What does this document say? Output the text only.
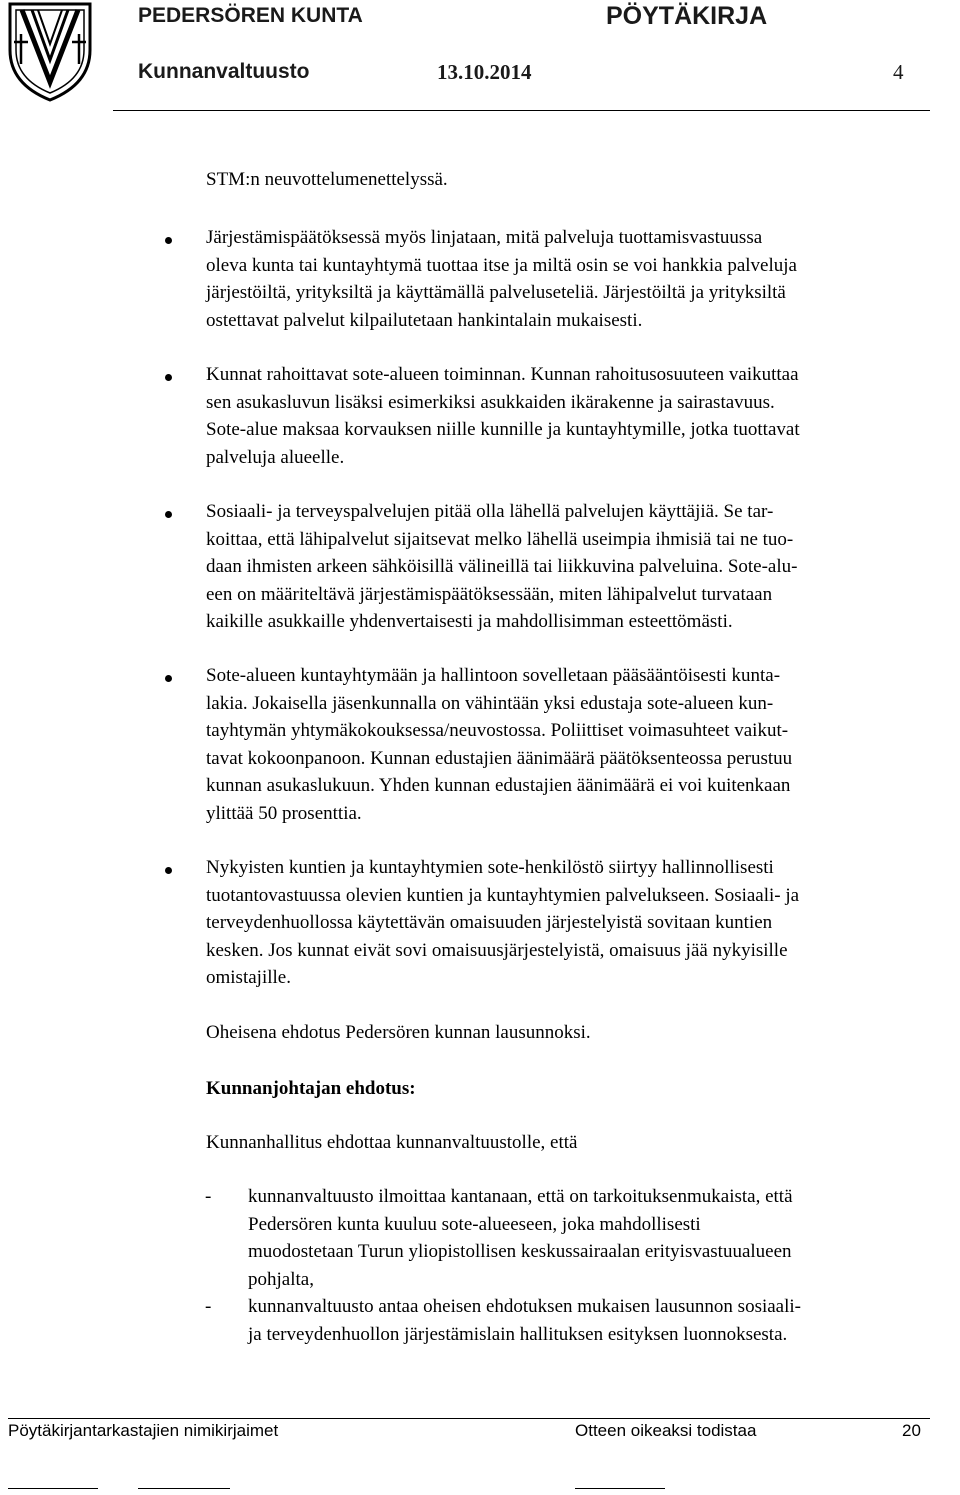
PEDERSÖREN KUNTA	PÖYTÄKIRJA
Kunnanvaltuusto	13.10.2014	4

STM:n neuvottelumenettelyssä.

Järjestämispäätöksessä myös linjataan, mitä palveluja tuottamisvastuussa
oleva kunta tai kuntayhtymä tuottaa itse ja miltä osin se voi hankkia palveluja
järjestöiltä, yrityksiltä ja käyttämällä palveluseteliä. Järjestöiltä ja yrityksiltä
ostettavat palvelut kilpailutetaan hankintalain mukaisesti.

Kunnat rahoittavat sote-alueen toiminnan. Kunnan rahoitusosuuteen vaikuttaa
sen asukasluvun lisäksi esimerkiksi asukkaiden ikärakenne ja sairastavuus.
Sote-alue maksaa korvauksen niille kunnille ja kuntayhtymille, jotka tuottavat
palveluja alueelle.

Sosiaali- ja terveyspalvelujen pitää olla lähellä palvelujen käyttäjiä. Se tar-
koittaa, että lähipalvelut sijaitsevat melko lähellä useimpia ihmisiä tai ne tuo-
daan ihmisten arkeen sähköisillä välineillä tai liikkuvina palveluina. Sote-alu-
een on määriteltävä järjestämispäätöksessään, miten lähipalvelut turvataan
kaikille asukkaille yhdenvertaisesti ja mahdollisimman esteettömästi.

Sote-alueen kuntayhtymään ja hallintoon sovelletaan pääsääntöisesti kunta-
lakia. Jokaisella jäsenkunnalla on vähintään yksi edustaja sote-alueen kun-
tayhtymän yhtymäkokouksessa/neuvostossa. Poliittiset voimasuhteet vaikut-
tavat kokoonpanoon. Kunnan edustajien äänimäärä päätöksenteossa perustuu
kunnan asukaslukuun. Yhden kunnan edustajien äänimäärä ei voi kuitenkaan
ylittää 50 prosenttia.

Nykyisten kuntien ja kuntayhtymien sote-henkilöstö siirtyy hallinnollisesti
tuotantovastuussa olevien kuntien ja kuntayhtymien palvelukseen. Sosiaali- ja
terveydenhuollossa käytettävän omaisuuden järjestelyistä sovitaan kuntien
kesken. Jos kunnat eivät sovi omaisuusjärjestelyistä, omaisuus jää nykyisille
omistajille.

Oheisena ehdotus Pedersören kunnan lausunnoksi.

Kunnanjohtajan ehdotus:

Kunnanhallitus ehdottaa kunnanvaltuustolle, että

- kunnanvaltuusto ilmoittaa kantanaan, että on tarkoituksenmukaista, että
Pedersören kunta kuuluu sote-alueeseen, joka mahdollisesti
muodostetaan Turun yliopistollisen keskussairaalan erityisvastuualueen
pohjalta,
- kunnanvaltuusto antaa oheisen ehdotuksen mukaisen lausunnon sosiaali-
ja terveydenhuollon järjestämislain hallituksen esityksen luonnoksesta.
Pöytäkirjantarkastajien nimikirjaimet	Otteen oikeaksi todistaa	20
